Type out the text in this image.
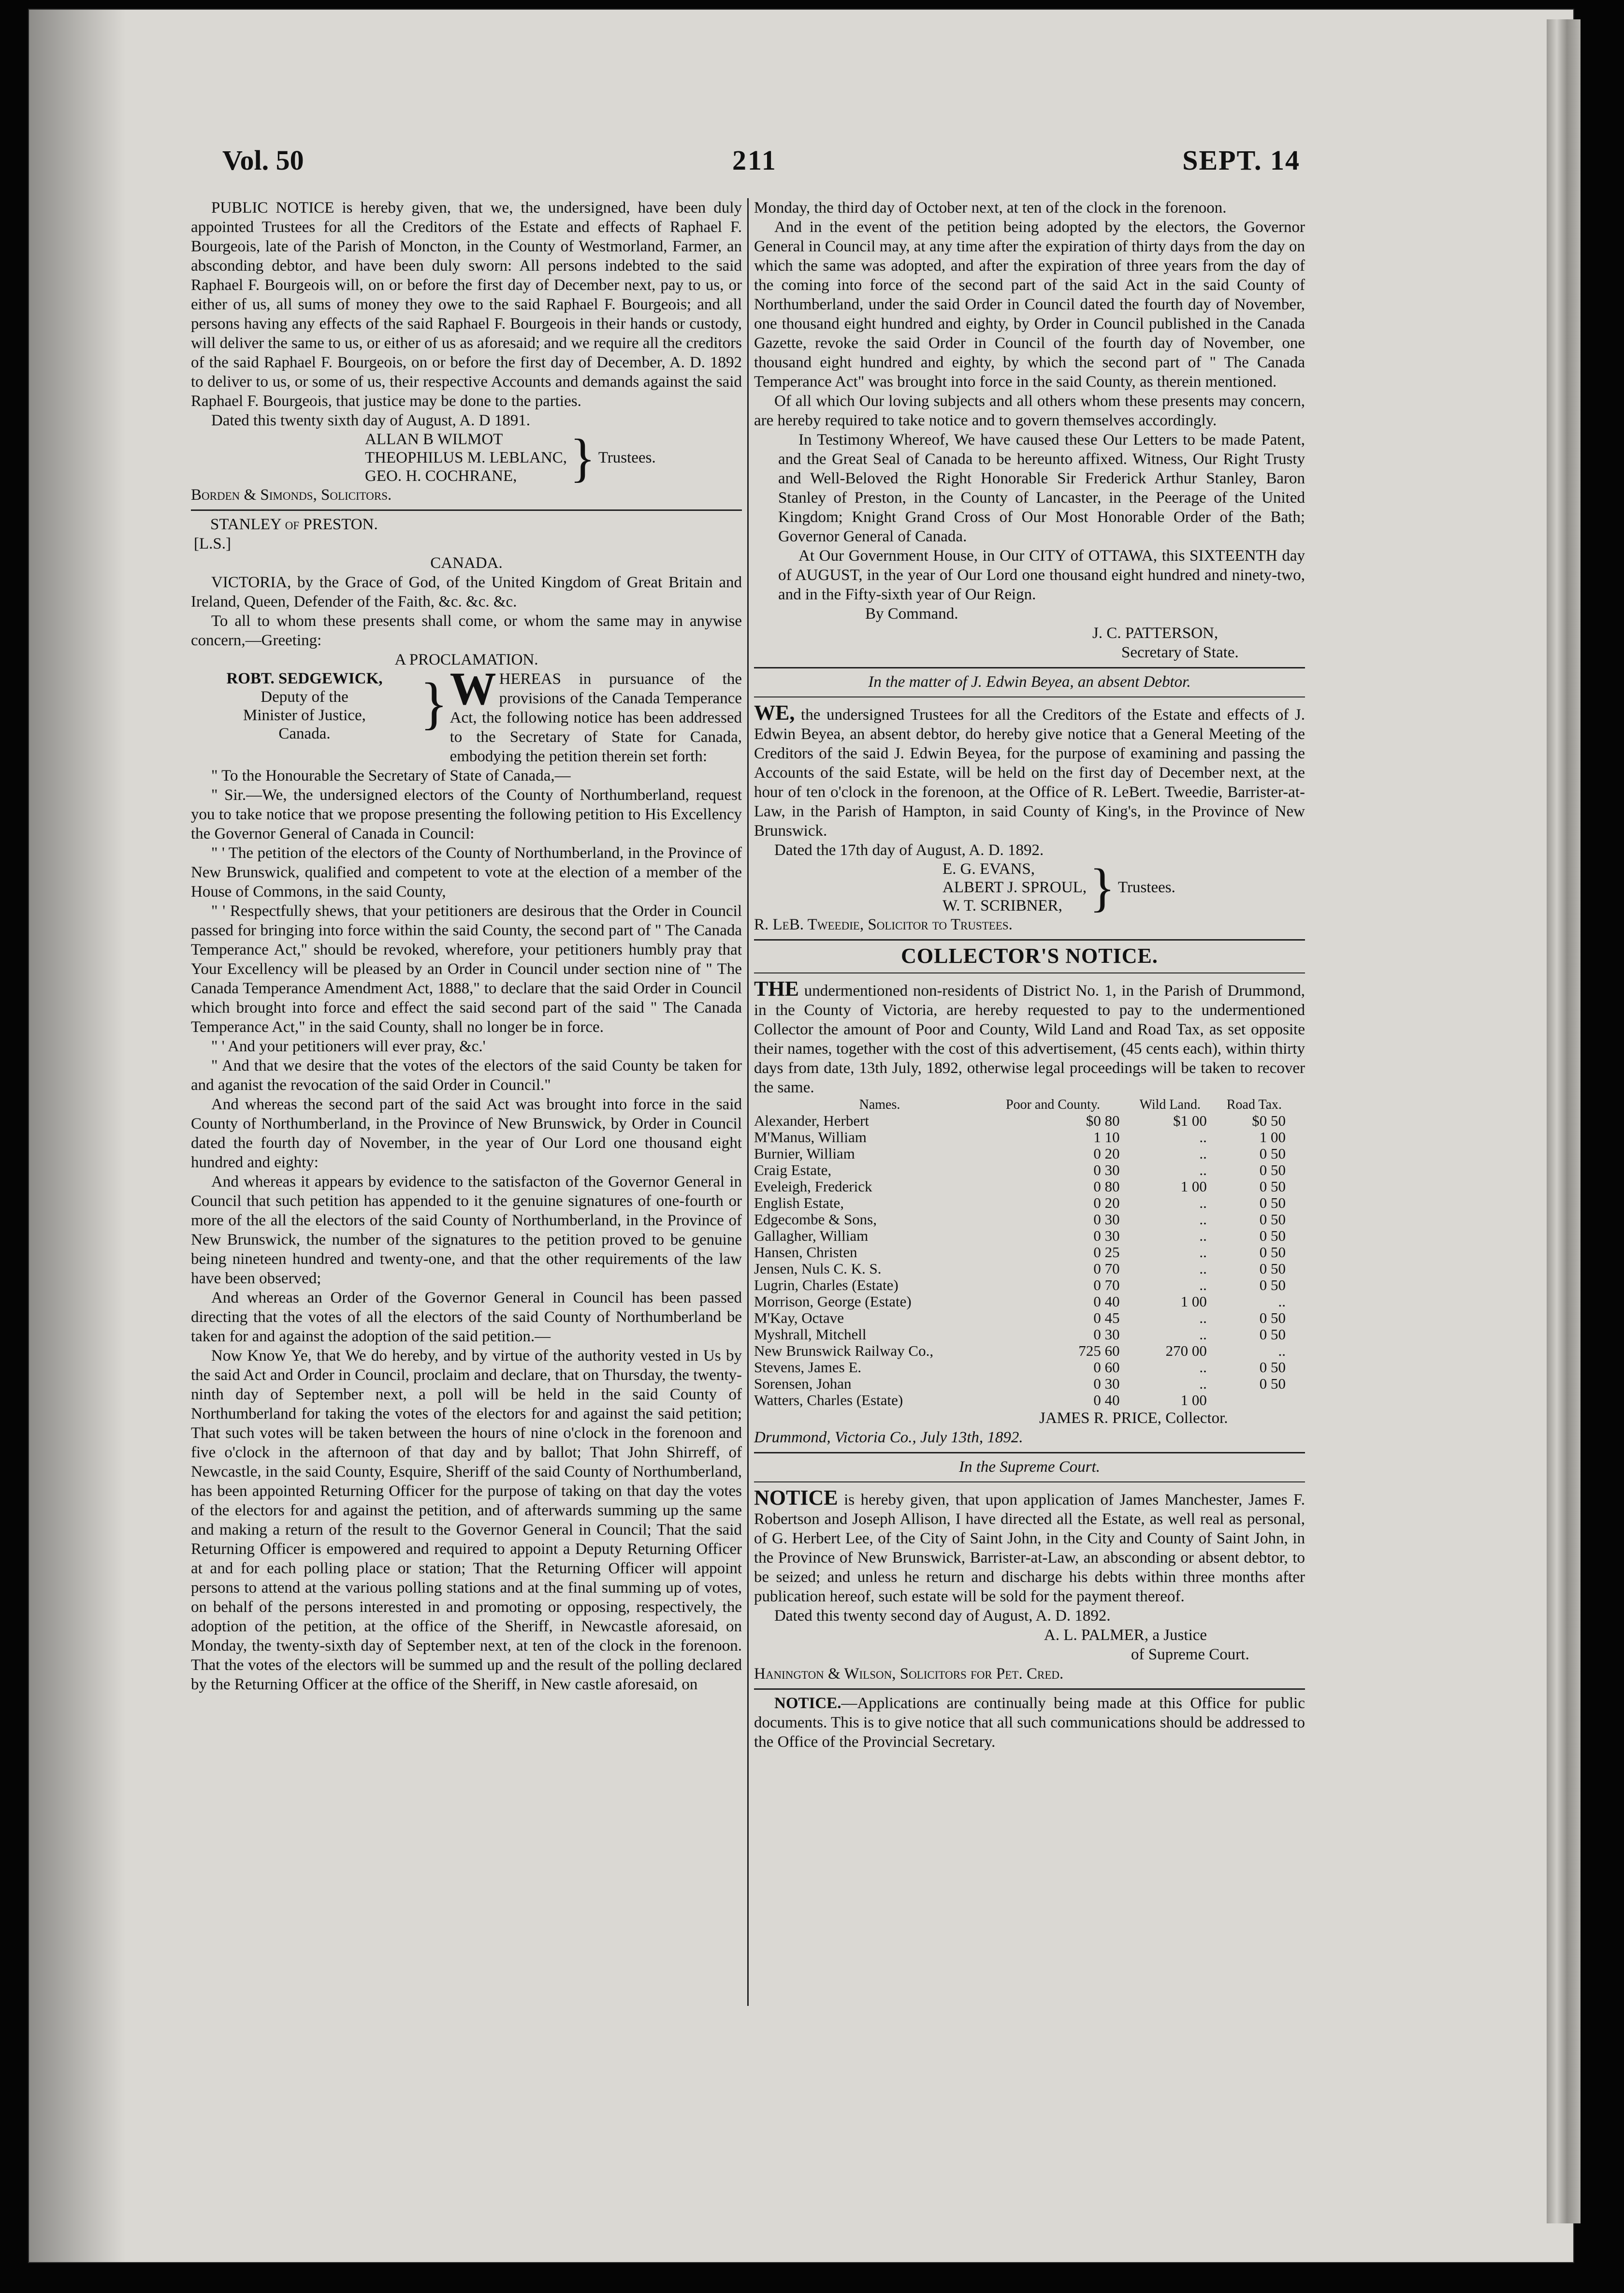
Vol. 50	211	SEPT. 14

PUBLIC NOTICE is hereby given, that we, the undersigned, have been duly appointed Trustees for all the Creditors of the Estate and effects of Raphael F. Bourgeois, late of the Parish of Moncton, in the County of Westmorland, Farmer, an absconding debtor, and have been duly sworn: All persons indebted to the said Raphael F. Bourgeois will, on or before the first day of December next, pay to us, or either of us, all sums of money they owe to the said Raphael F. Bourgeois; and all persons having any effects of the said Raphael F. Bourgeois in their hands or custody, will deliver the same to us, or either of us as aforesaid; and we require all the creditors of the said Raphael F. Bourgeois, on or before the first day of December, A. D. 1892 to deliver to us, or some of us, their respective Accounts and demands against the said Raphael F. Bourgeois, that justice may be done to the parties.

Dated this twenty sixth day of August, A. D 1891.

ALLAN B WILMOT
THEOPHILUS M. LEBLANC,
GEO. H. COCHRANE, } Trustees.

Borden & Simonds, Solicitors.

STANLEY of PRESTON.

[L.S.]

CANADA.

VICTORIA, by the Grace of God, of the United Kingdom of Great Britain and Ireland, Queen, Defender of the Faith, &c. &c. &c.

To all to whom these presents shall come, or whom the same may in anywise concern,—Greeting:

A PROCLAMATION.

ROBT. SEDGEWICK,
Deputy of the
Minister of Justice,
Canada.	} WHEREAS in pursuance of the provisions of the Canada Temperance Act, the following notice has been addressed to the Secretary of State for Canada, embodying the petition therein set forth:

" To the Honourable the Secretary of State of Canada,—

" Sir.—We, the undersigned electors of the County of Northumberland, request you to take notice that we propose presenting the following petition to His Excellency the Governor General of Canada in Council:

" ' The petition of the electors of the County of Northumberland, in the Province of New Brunswick, qualified and competent to vote at the election of a member of the House of Commons, in the said County,

" ' Respectfully shews, that your petitioners are desirous that the Order in Council passed for bringing into force within the said County, the second part of " The Canada Temperance Act," should be revoked, wherefore, your petitioners humbly pray that Your Excellency will be pleased by an Order in Council under section nine of " The Canada Temperance Amendment Act, 1888," to declare that the said Order in Council which brought into force and effect the said second part of the said " The Canada Temperance Act," in the said County, shall no longer be in force.

" ' And your petitioners will ever pray, &c.'

" And that we desire that the votes of the electors of the said County be taken for and aganist the revocation of the said Order in Council."

And whereas the second part of the said Act was brought into force in the said County of Northumberland, in the Province of New Brunswick, by Order in Council dated the fourth day of November, in the year of Our Lord one thousand eight hundred and eighty:

And whereas it appears by evidence to the satisfacton of the Governor General in Council that such petition has appended to it the genuine signatures of one-fourth or more of the all the electors of the said County of Northumberland, in the Province of New Brunswick, the number of the signatures to the petition proved to be genuine being nineteen hundred and twenty-one, and that the other requirements of the law have been observed;

And whereas an Order of the Governor General in Council has been passed directing that the votes of all the electors of the said County of Northumberland be taken for and against the adoption of the said petition.—

Now Know Ye, that We do hereby, and by virtue of the authority vested in Us by the said Act and Order in Council, proclaim and declare, that on Thursday, the twenty-ninth day of September next, a poll will be held in the said County of Northumberland for taking the votes of the electors for and against the said petition; That such votes will be taken between the hours of nine o'clock in the forenoon and five o'clock in the afternoon of that day and by ballot; That John Shirreff, of Newcastle, in the said County, Esquire, Sheriff of the said County of Northumberland, has been appointed Returning Officer for the purpose of taking on that day the votes of the electors for and against the petition, and of afterwards summing up the same and making a return of the result to the Governor General in Council; That the said Returning Officer is empowered and required to appoint a Deputy Returning Officer at and for each polling place or station; That the Returning Officer will appoint persons to attend at the various polling stations and at the final summing up of votes, on behalf of the persons interested in and promoting or opposing, respectively, the adoption of the petition, at the office of the Sheriff, in Newcastle aforesaid, on Monday, the twenty-sixth day of September next, at ten of the clock in the forenoon. That the votes of the electors will be summed up and the result of the polling declared by the Returning Officer at the office of the Sheriff, in New castle aforesaid, on

Monday, the third day of October next, at ten of the clock in the forenoon.

And in the event of the petition being adopted by the electors, the Governor General in Council may, at any time after the expiration of thirty days from the day on which the same was adopted, and after the expiration of three years from the day of the coming into force of the second part of the said Act in the said County of Northumberland, under the said Order in Council dated the fourth day of November, one thousand eight hundred and eighty, by Order in Council published in the Canada Gazette, revoke the said Order in Council of the fourth day of November, one thousand eight hundred and eighty, by which the second part of " The Canada Temperance Act" was brought into force in the said County, as therein mentioned.

Of all which Our loving subjects and all others whom these presents may concern, are hereby required to take notice and to govern themselves accordingly.

In Testimony Whereof, We have caused these Our Letters to be made Patent, and the Great Seal of Canada to be hereunto affixed. Witness, Our Right Trusty and Well-Beloved the Right Honorable Sir Frederick Arthur Stanley, Baron Stanley of Preston, in the County of Lancaster, in the Peerage of the United Kingdom; Knight Grand Cross of Our Most Honorable Order of the Bath; Governor General of Canada.

At Our Government House, in Our CITY of OTTAWA, this SIXTEENTH day of AUGUST, in the year of Our Lord one thousand eight hundred and ninety-two, and in the Fifty-sixth year of Our Reign.

By Command.

J. C. PATTERSON,

Secretary of State.

In the matter of J. Edwin Beyea, an absent Debtor.

WE, the undersigned Trustees for all the Creditors of the Estate and effects of J. Edwin Beyea, an absent debtor, do hereby give notice that a General Meeting of the Creditors of the said J. Edwin Beyea, for the purpose of examining and passing the Accounts of the said Estate, will be held on the first day of December next, at the hour of ten o'clock in the forenoon, at the Office of R. LeBert. Tweedie, Barrister-at-Law, in the Parish of Hampton, in said County of King's, in the Province of New Brunswick.

Dated the 17th day of August, A. D. 1892.

E. G. EVANS,
ALBERT J. SPROUL,
W. T. SCRIBNER, } Trustees.

R. LeB. Tweedie, Solicitor to Trustees.

COLLECTOR'S NOTICE.

THE undermentioned non-residents of District No. 1, in the Parish of Drummond, in the County of Victoria, are hereby requested to pay to the undermentioned Collector the amount of Poor and County, Wild Land and Road Tax, as set opposite their names, together with the cost of this advertisement, (45 cents each), within thirty days from date, 13th July, 1892, otherwise legal proceedings will be taken to recover the same.

Names.	Poor and County.	Wild Land.	Road Tax.
Alexander, Herbert	$0 80	$1 00	$0 50
M'Manus, William	1 10	..	1 00
Burnier, William	0 20	..	0 50
Craig Estate,	0 30	..	0 50
Eveleigh, Frederick	0 80	1 00	0 50
English Estate,	0 20	..	0 50
Edgecombe & Sons,	0 30	..	0 50
Gallagher, William	0 30	..	0 50
Hansen, Christen	0 25	..	0 50
Jensen, Nuls C. K. S.	0 70	..	0 50
Lugrin, Charles (Estate)	0 70	..	0 50
Morrison, George (Estate)	0 40	1 00	..
M'Kay, Octave	0 45	..	0 50
Myshrall, Mitchell	0 30	..	0 50
New Brunswick Railway Co.,	725 60	270 00	..
Stevens, James E.	0 60	..	0 50
Sorensen, Johan	0 30	..	0 50
Watters, Charles (Estate)	0 40	1 00	

JAMES R. PRICE, Collector.

Drummond, Victoria Co., July 13th, 1892.

In the Supreme Court.

NOTICE is hereby given, that upon application of James Manchester, James F. Robertson and Joseph Allison, I have directed all the Estate, as well real as personal, of G. Herbert Lee, of the City of Saint John, in the City and County of Saint John, in the Province of New Brunswick, Barrister-at-Law, an absconding or absent debtor, to be seized; and unless he return and discharge his debts within three months after publication hereof, such estate will be sold for the payment thereof.

Dated this twenty second day of August, A. D. 1892.

A. L. PALMER, a Justice

of Supreme Court.

Hanington & Wilson, Solicitors for Pet. Cred.

NOTICE.—Applications are continually being made at this Office for public documents. This is to give notice that all such communications should be addressed to the Office of the Provincial Secretary.
